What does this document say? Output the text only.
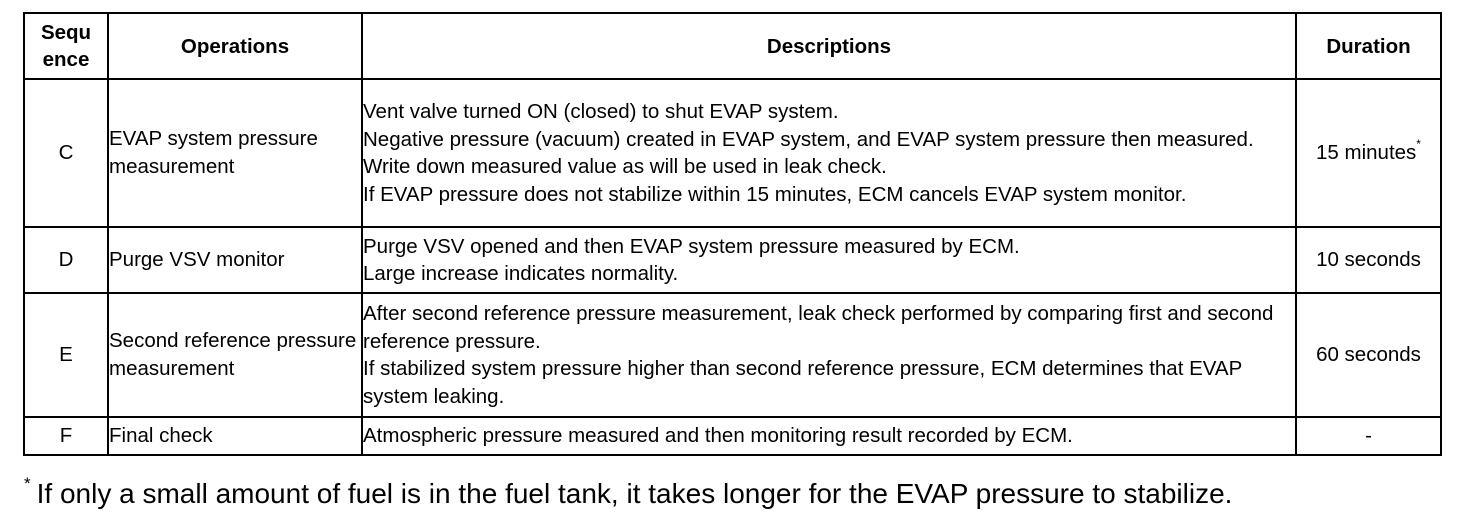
Sequ
ence	Operations	Descriptions	Duration
C	EVAP system pressure measurement	Vent valve turned ON (closed) to shut EVAP system.
Negative pressure (vacuum) created in EVAP system, and EVAP system pressure then measured.
Write down measured value as will be used in leak check.
If EVAP pressure does not stabilize within 15 minutes, ECM cancels EVAP system monitor.	15 minutes*
D	Purge VSV monitor	Purge VSV opened and then EVAP system pressure measured by ECM.
Large increase indicates normality.	10 seconds
E	Second reference pressure measurement	After second reference pressure measurement, leak check performed by comparing first and second reference pressure.
If stabilized system pressure higher than second reference pressure, ECM determines that EVAP system leaking.	60 seconds
F	Final check	Atmospheric pressure measured and then monitoring result recorded by ECM.	-
* If only a small amount of fuel is in the fuel tank, it takes longer for the EVAP pressure to stabilize.
